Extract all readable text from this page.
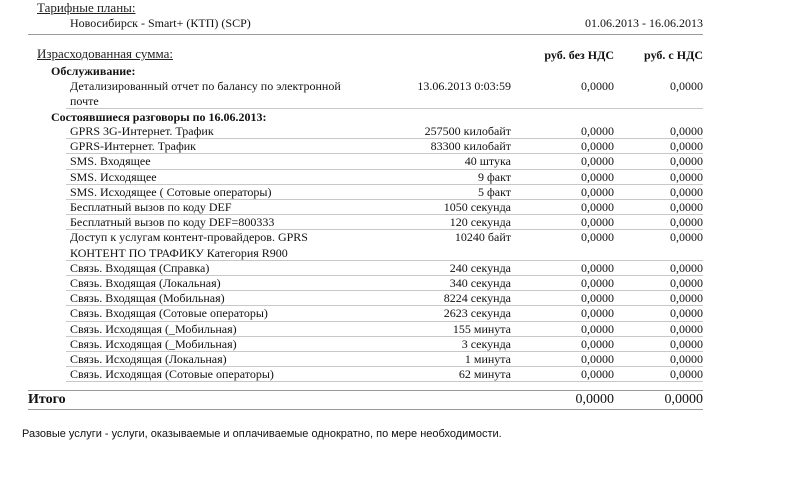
Тарифные планы:
Новосибирск - Smart+ (КТП) (SCP)	01.06.2013 - 16.06.2013
Израсходованная сумма:	руб. без НДС	руб. с НДС
Обслуживание:
Детализированный отчет по балансу по электронной
почте
13.06.2013 0:03:59	0,0000	0,0000
Состоявшиеся разговоры по 16.06.2013:
GPRS 3G-Интернет. Трафик	257500 килобайт	0,0000	0,0000
GPRS-Интернет. Трафик	83300 килобайт	0,0000	0,0000
SMS. Входящее	40 штука	0,0000	0,0000
SMS. Исходящее	9 факт	0,0000	0,0000
SMS. Исходящее ( Сотовые операторы)	5 факт	0,0000	0,0000
Бесплатный вызов по коду DEF	1050 секунда	0,0000	0,0000
Бесплатный вызов по коду DEF=800333	120 секунда	0,0000	0,0000
Доступ к услугам контент-провайдеров. GPRS	10240 байт	0,0000	0,0000
КОНТЕНТ ПО ТРАФИКУ Категория R900
Связь. Входящая (Справка)	240 секунда	0,0000	0,0000
Связь. Входящая (Локальная)	340 секунда	0,0000	0,0000
Связь. Входящая (Мобильная)	8224 секунда	0,0000	0,0000
Связь. Входящая (Сотовые операторы)	2623 секунда	0,0000	0,0000
Связь. Исходящая (_Мобильная)	155 минута	0,0000	0,0000
Связь. Исходящая (_Мобильная)	3 секунда	0,0000	0,0000
Связь. Исходящая (Локальная)	1 минута	0,0000	0,0000
Связь. Исходящая (Сотовые операторы)	62 минута	0,0000	0,0000
Итого	0,0000	0,0000
Разовые услуги - услуги, оказываемые и оплачиваемые однократно, по мере необходимости.
